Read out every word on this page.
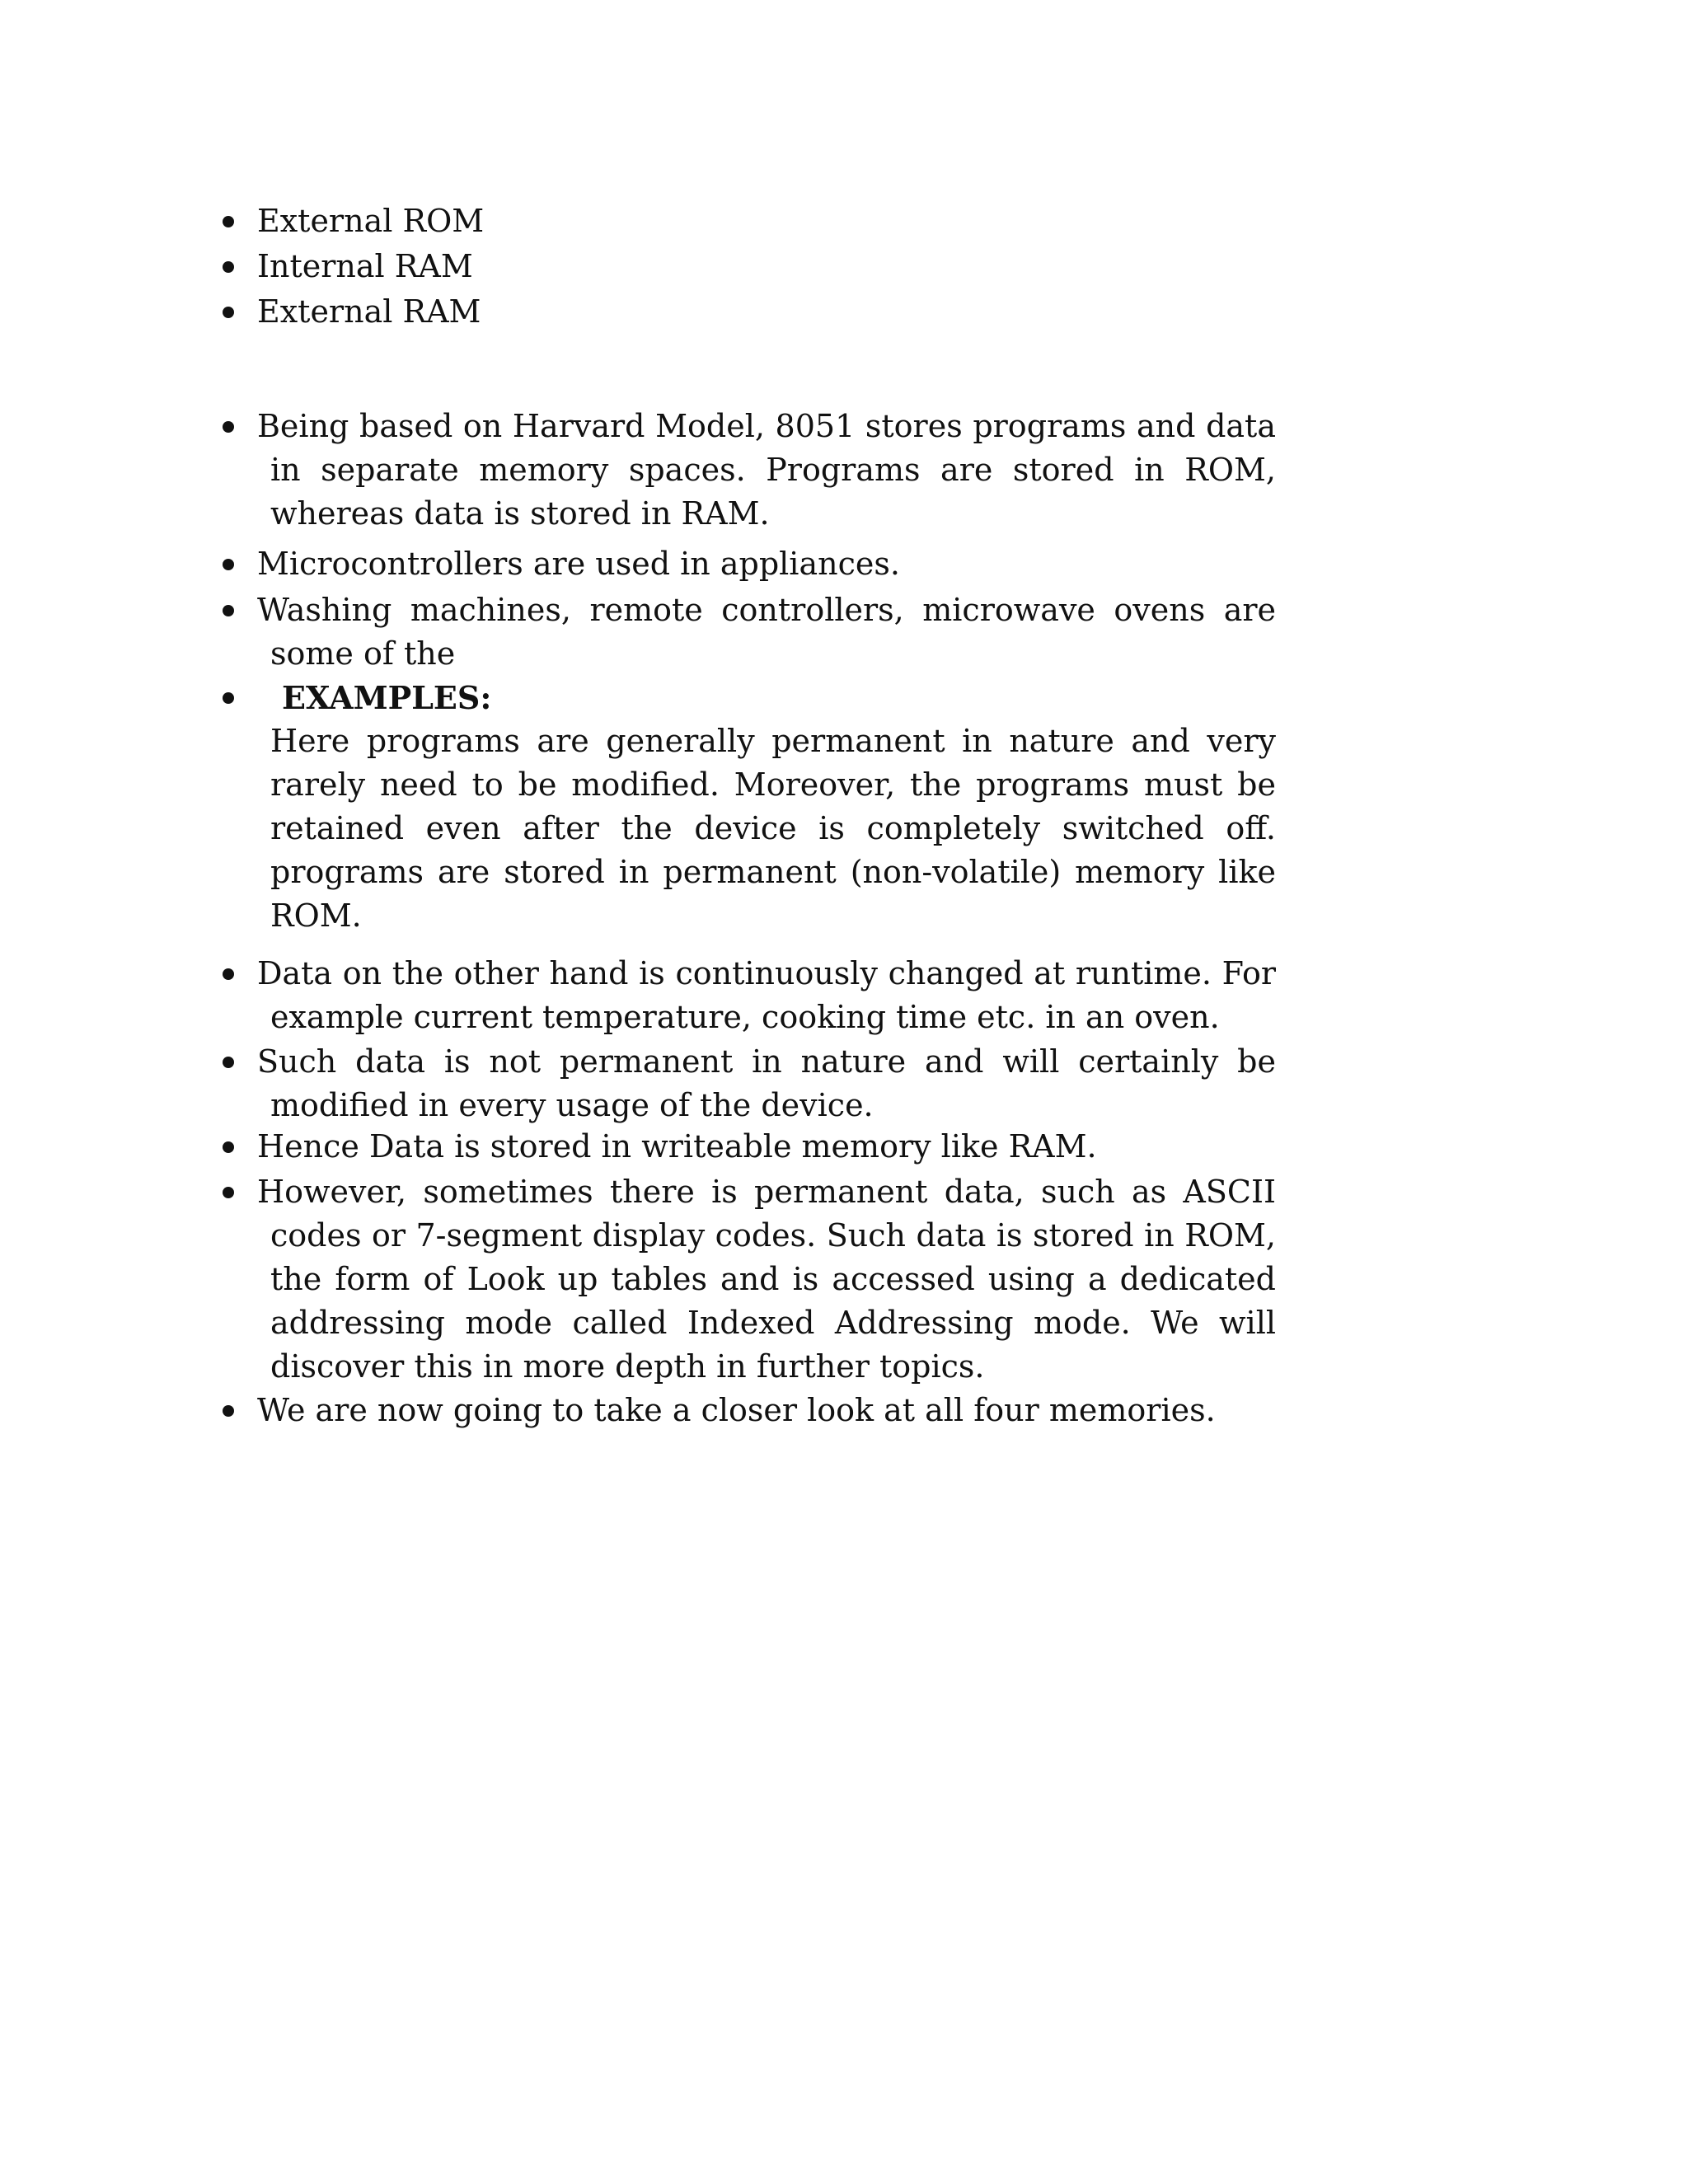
External ROM

Internal RAM

External RAM

Being based on Harvard Model, 8051 stores programs and data
in separate memory spaces. Programs are stored in ROM,
whereas data is stored in RAM.

Microcontrollers are used in appliances.

Washing machines, remote controllers, microwave ovens are
some of the

EXAMPLES:

Here programs are generally permanent in nature and very
rarely need to be modified. Moreover, the programs must be
retained even after the device is completely switched off.
programs are stored in permanent (non-volatile) memory like
ROM.

Data on the other hand is continuously changed at runtime. For
example current temperature, cooking time etc. in an oven.

Such data is not permanent in nature and will certainly be
modified in every usage of the device.

Hence Data is stored in writeable memory like RAM.

However, sometimes there is permanent data, such as ASCII
codes or 7-segment display codes. Such data is stored in ROM,
the form of Look up tables and is accessed using a dedicated
addressing mode called Indexed Addressing mode. We will
discover this in more depth in further topics.

We are now going to take a closer look at all four memories.
